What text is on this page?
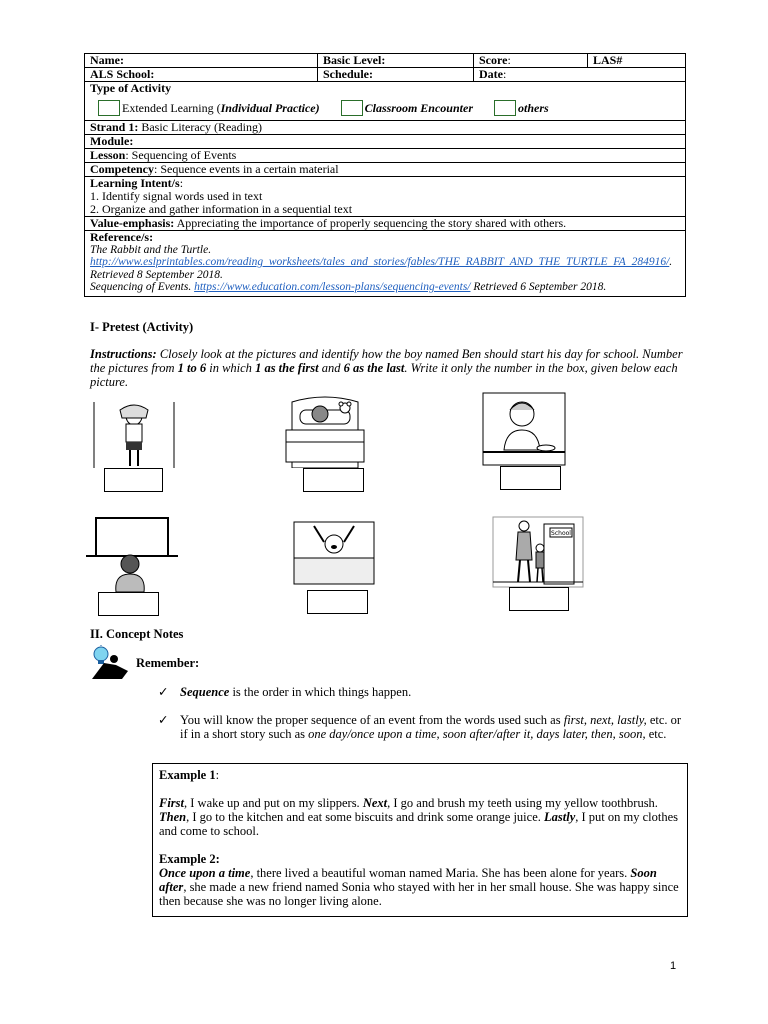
Name:	Basic Level:	Score:	LAS#
ALS School:	Schedule:	Date:	

Type of Activity
Extended Learning (Individual Practice)
Classroom Encounter
others			

Strand 1: Basic Literacy (Reading)			
Module:			
Lesson: Sequencing of Events			
Competency: Sequence events in a certain material			
Learning Intent/s:
1. Identify signal words used in text
2. Organize and gather information in a sequential text			
Value-emphasis: Appreciating the importance of properly sequencing the story shared with others.			

Reference/s:
The Rabbit and the Turtle.
http://www.eslprintables.com/reading_worksheets/tales_and_stories/fables/THE_RABBIT_AND_THE_TURTLE_FA_284916/. Retrieved 8 September 2018.
Sequencing of Events. https://www.education.com/lesson-plans/sequencing-events/ Retrieved 6 September 2018.			
I- Pretest (Activity)
Instructions: Closely look at the pictures and identify how the boy named Ben should start his day for school. Number the pictures from 1 to 6 in which 1 as the first and 6 as the last. Write it only the number in the box, given below each picture.
School
II. Concept Notes
Remember:
✓ Sequence is the order in which things happen.
✓ You will know the proper sequence of an event from the words used such as first, next, lastly, etc. or if in a short story such as one day/once upon a time, soon after/after it, days later, then, soon, etc.

Example 1:

First, I wake up and put on my slippers. Next, I go and brush my teeth using my yellow toothbrush. Then, I go to the kitchen and eat some biscuits and drink some orange juice. Lastly, I put on my clothes and come to school.

Example 2:

Once upon a time, there lived a beautiful woman named Maria. She has been alone for years. Soon after, she made a new friend named Sonia who stayed with her in her small house. She was happy since then because she was no longer living alone.

1
